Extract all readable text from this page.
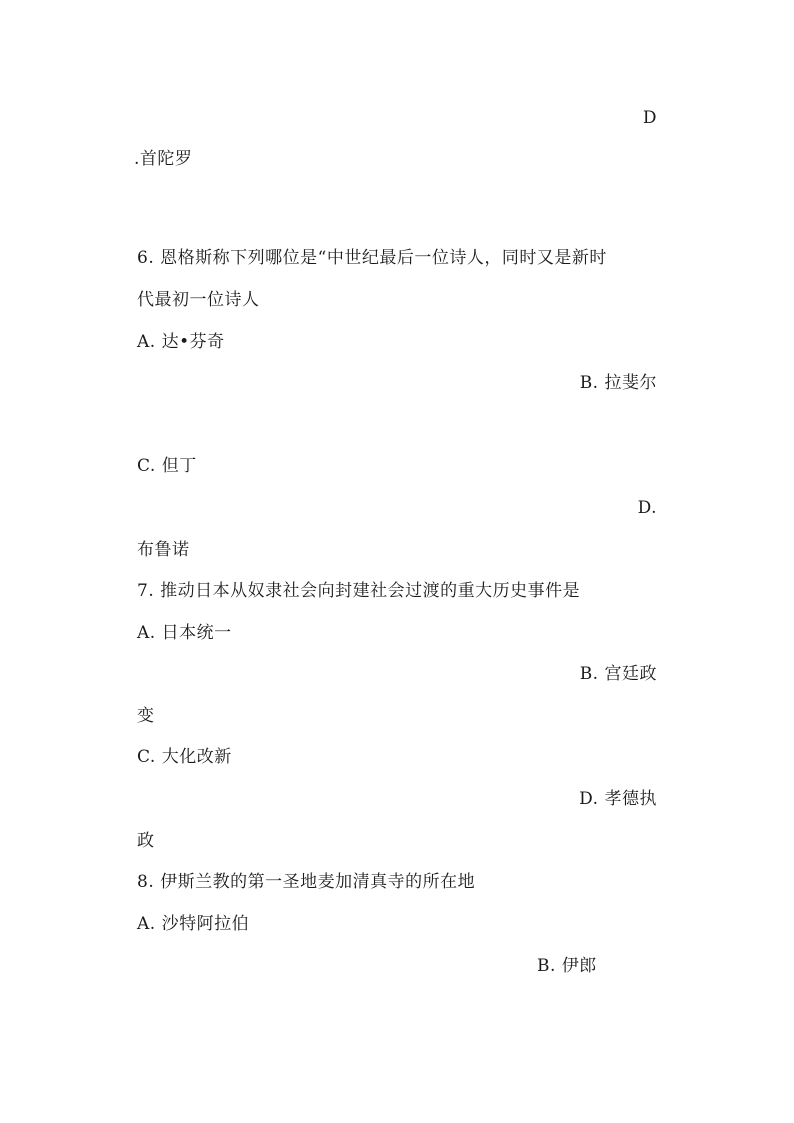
D
.首陀罗
6. 恩格斯称下列哪位是“中世纪最后一位诗人，同时又是新时
代最初一位诗人
A. 达•芬奇
B. 拉斐尔
C. 但丁
D.
布鲁诺
7. 推动日本从奴隶社会向封建社会过渡的重大历史事件是
A. 日本统一
B. 宫廷政
变
C. 大化改新
D. 孝德执
政
8. 伊斯兰教的第一圣地麦加清真寺的所在地
A. 沙特阿拉伯
B. 伊郎
